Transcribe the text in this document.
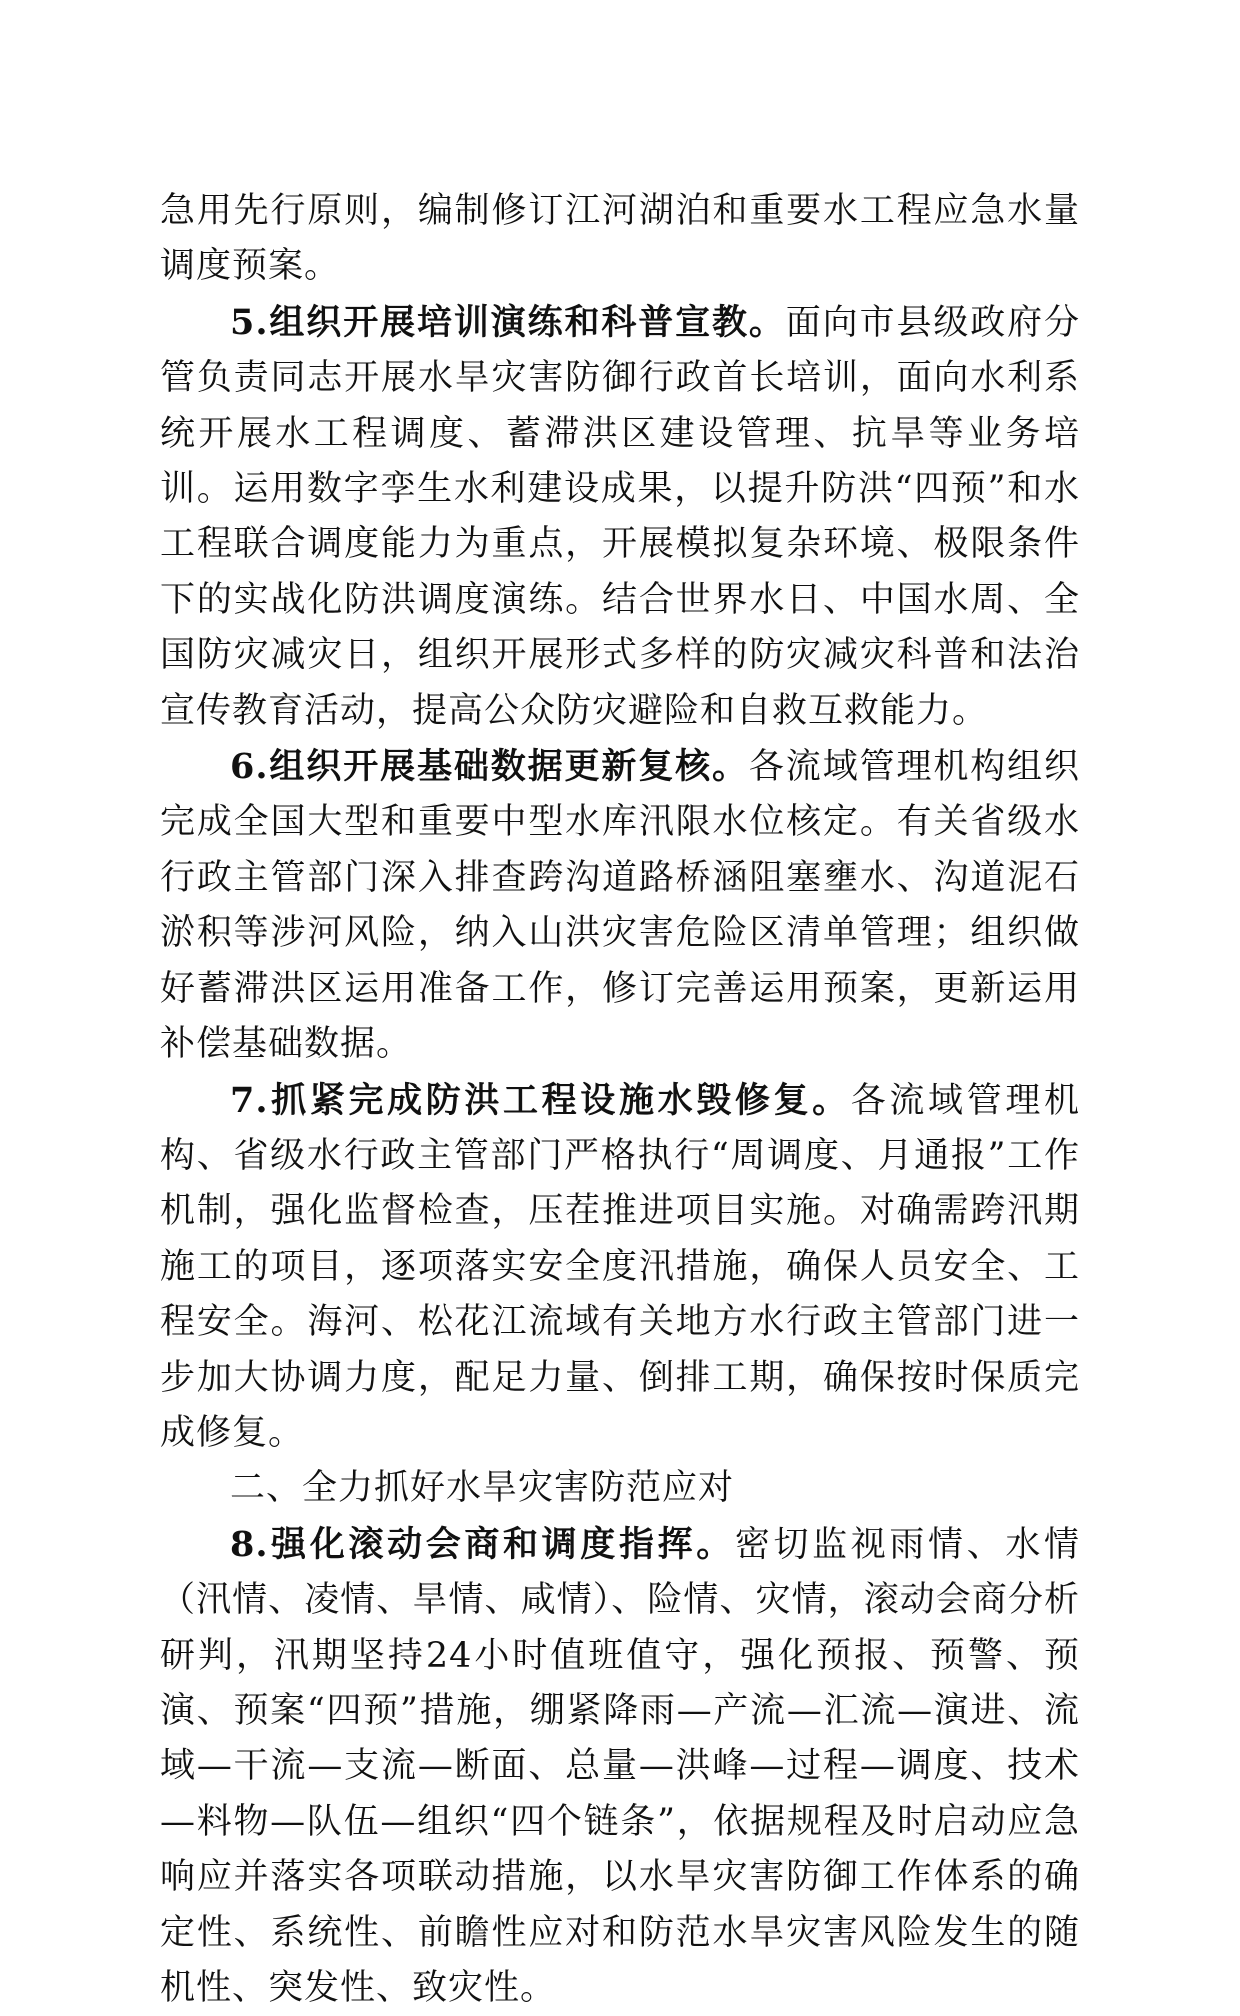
急用先行原则，编制修订江河湖泊和重要水工程应急水量调度预案。

5.组织开展培训演练和科普宣教。面向市县级政府分管负责同志开展水旱灾害防御行政首长培训，面向水利系统开展水工程调度、蓄滞洪区建设管理、抗旱等业务培训。运用数字孪生水利建设成果，以提升防洪“四预”和水工程联合调度能力为重点，开展模拟复杂环境、极限条件下的实战化防洪调度演练。结合世界水日、中国水周、全国防灾减灾日，组织开展形式多样的防灾减灾科普和法治宣传教育活动，提高公众防灾避险和自救互救能力。

6.组织开展基础数据更新复核。各流域管理机构组织完成全国大型和重要中型水库汛限水位核定。有关省级水行政主管部门深入排查跨沟道路桥涵阻塞壅水、沟道泥石淤积等涉河风险，纳入山洪灾害危险区清单管理；组织做好蓄滞洪区运用准备工作，修订完善运用预案，更新运用补偿基础数据。

7.抓紧完成防洪工程设施水毁修复。各流域管理机构、省级水行政主管部门严格执行“周调度、月通报”工作机制，强化监督检查，压茬推进项目实施。对确需跨汛期施工的项目，逐项落实安全度汛措施，确保人员安全、工程安全。海河、松花江流域有关地方水行政主管部门进一步加大协调力度，配足力量、倒排工期，确保按时保质完成修复。

二、全力抓好水旱灾害防范应对

8.强化滚动会商和调度指挥。密切监视雨情、水情（汛情、凌情、旱情、咸情）、险情、灾情，滚动会商分析研判，汛期坚持24小时值班值守，强化预报、预警、预演、预案“四预”措施，绷紧降雨—产流—汇流—演进、流域—干流—支流—断面、总量—洪峰—过程—调度、技术—料物—队伍—组织“四个链条”，依据规程及时启动应急响应并落实各项联动措施，以水旱灾害防御工作体系的确定性、系统性、前瞻性应对和防范水旱灾害风险发生的随机性、突发性、致灾性。
